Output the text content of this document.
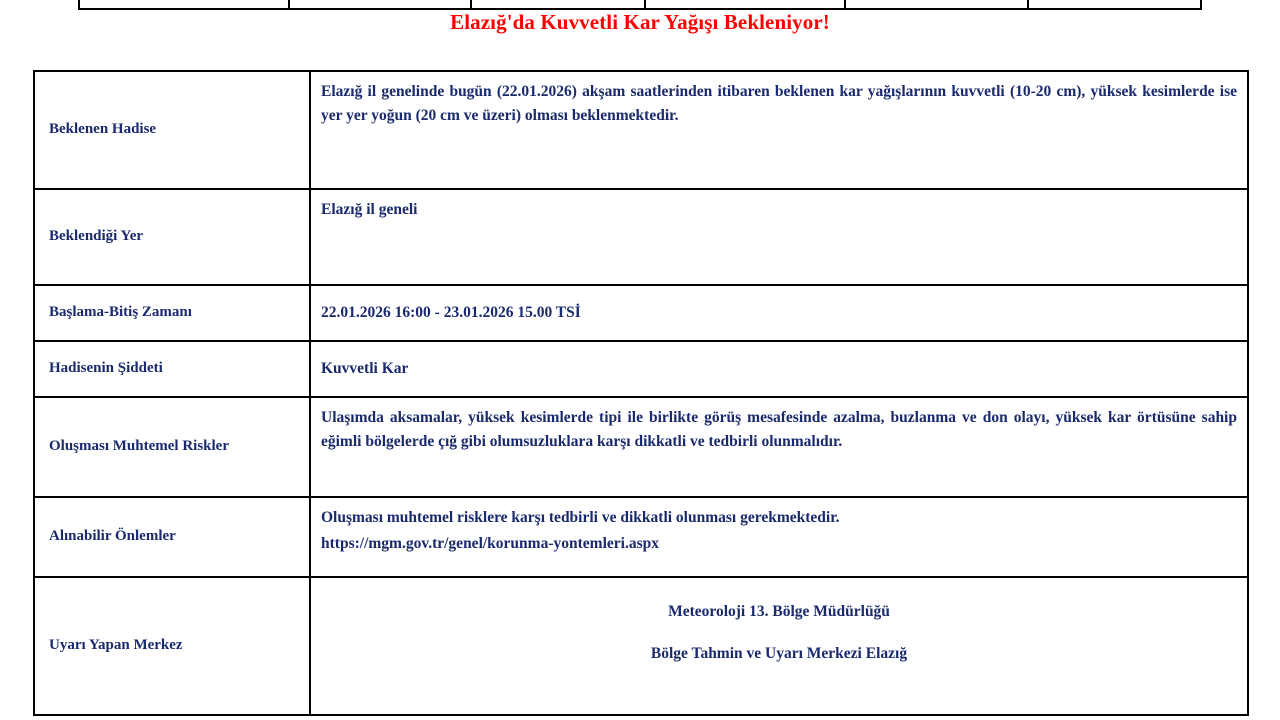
Elazığ'da Kuvvetli Kar Yağışı Bekleniyor!
Beklenen Hadise	Elazığ il genelinde bugün (22.01.2026) akşam saatlerinden itibaren beklenen kar yağışlarının kuvvetli (10-20 cm), yüksek kesimlerde ise yer yer yoğun (20 cm ve üzeri) olması beklenmektedir.
Beklendiği Yer	Elazığ il geneli
Başlama-Bitiş Zamanı	22.01.2026 16:00 - 23.01.2026 15.00 TSİ
Hadisenin Şiddeti	Kuvvetli Kar
Oluşması Muhtemel Riskler	Ulaşımda aksamalar, yüksek kesimlerde tipi ile birlikte görüş mesafesinde azalma, buzlanma ve don olayı, yüksek kar örtüsüne sahip eğimli bölgelerde çığ gibi olumsuzluklara karşı dikkatli ve tedbirli olunmalıdır.
Alınabilir Önlemler	Oluşması muhtemel risklere karşı tedbirli ve dikkatli olunması gerekmektedir.
https://mgm.gov.tr/genel/korunma-yontemleri.aspx

Uyarı Yapan Merkez	Meteoroloji 13. Bölge Müdürlüğü
Bölge Tahmin ve Uyarı Merkezi Elazığ
